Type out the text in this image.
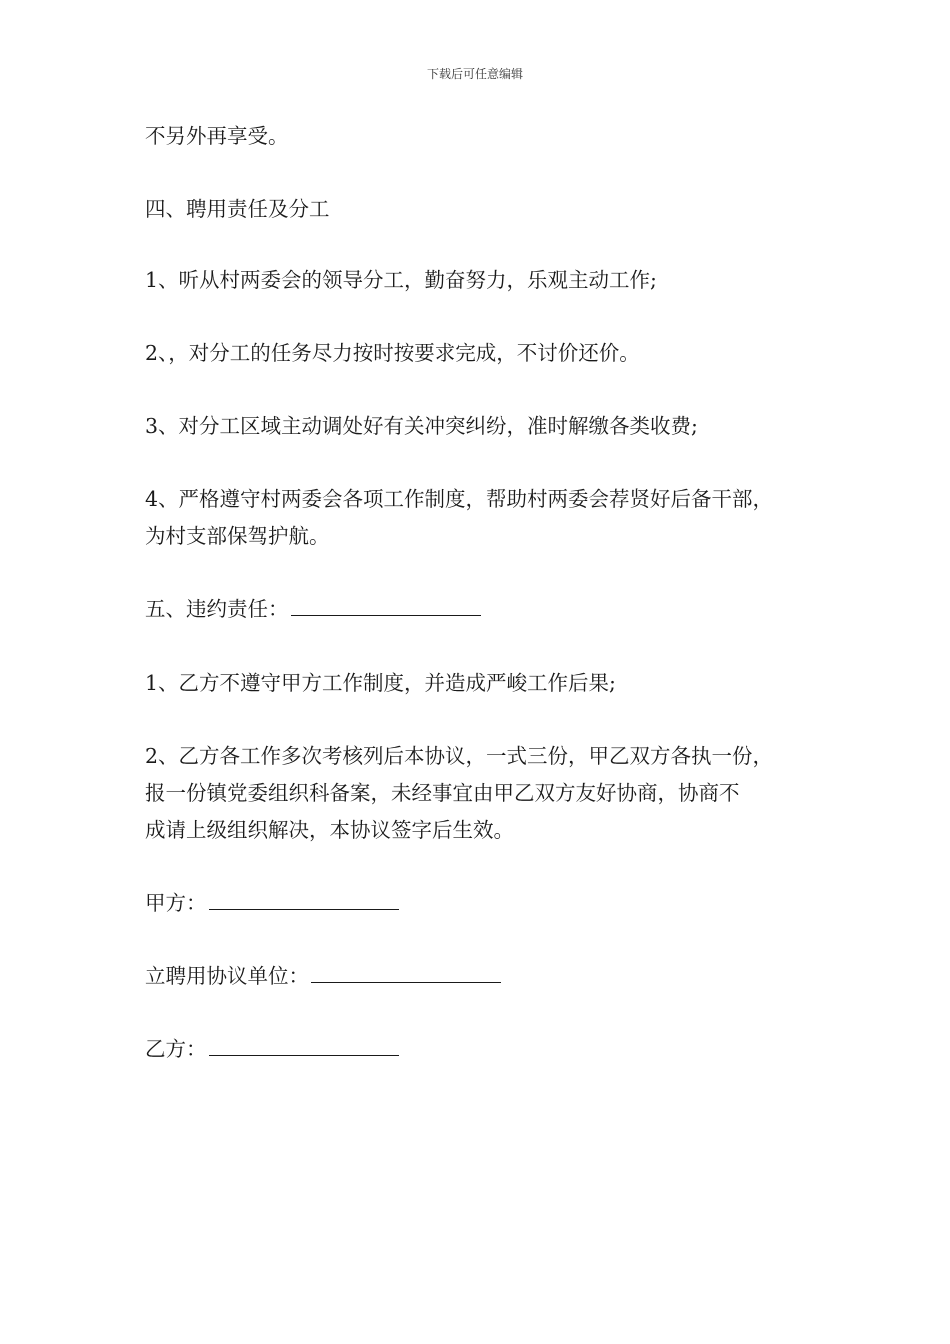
下载后可任意编辑
不另外再享受。
四、聘用责任及分工
1、听从村两委会的领导分工，勤奋努力，乐观主动工作;
2、，对分工的任务尽力按时按要求完成，不讨价还价。
3、对分工区域主动调处好有关冲突纠纷，准时解缴各类收费;
4、严格遵守村两委会各项工作制度，帮助村两委会荐贤好后备干部，
为村支部保驾护航。
五、违约责任：
1、乙方不遵守甲方工作制度，并造成严峻工作后果;
2、乙方各工作多次考核列后本协议，一式三份，甲乙双方各执一份，
报一份镇党委组织科备案，未经事宜由甲乙双方友好协商，协商不
成请上级组织解决，本协议签字后生效。
甲方：
立聘用协议单位：
乙方：
